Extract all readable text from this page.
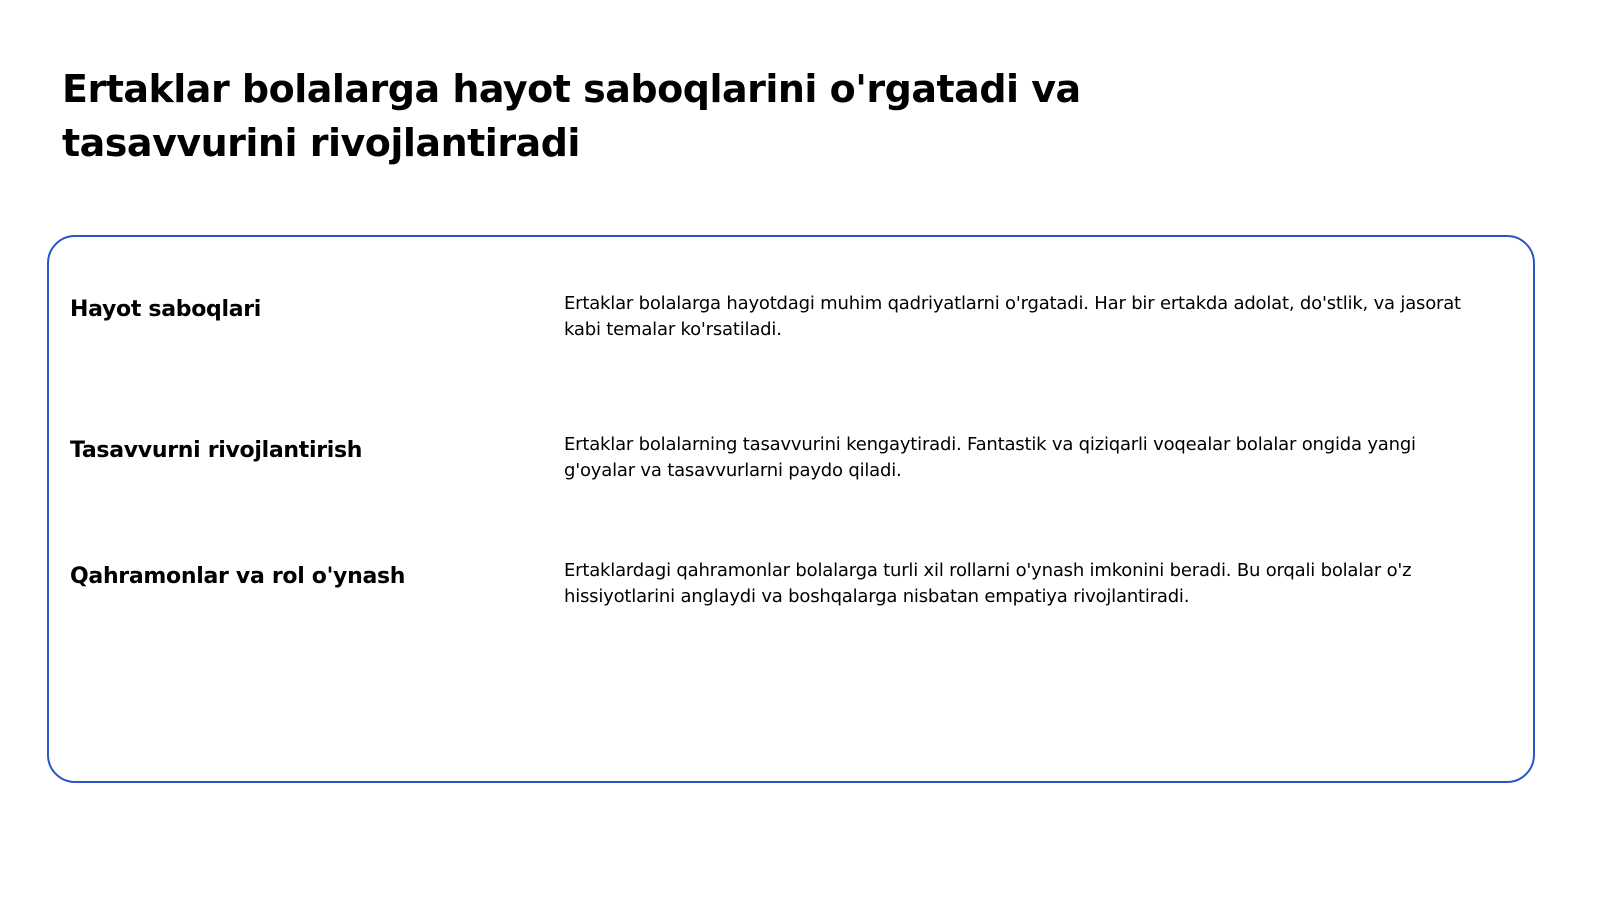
Ertaklar bolalarga hayot saboqlarini o'rgatadi va tasavvurini rivojlantiradi
Hayot saboqlari	Ertaklar bolalarga hayotdagi muhim qadriyatlarni o'rgatadi. Har bir ertakda adolat, do'stlik, va jasorat kabi temalar ko'rsatiladi.

Tasavvurni rivojlantirish	Ertaklar bolalarning tasavvurini kengaytiradi. Fantastik va qiziqarli voqealar bolalar ongida yangi g'oyalar va tasavvurlarni paydo qiladi.

Qahramonlar va rol o'ynash	Ertaklardagi qahramonlar bolalarga turli xil rollarni o'ynash imkonini beradi. Bu orqali bolalar o'z hissiyotlarini anglaydi va boshqalarga nisbatan empatiya rivojlantiradi.
